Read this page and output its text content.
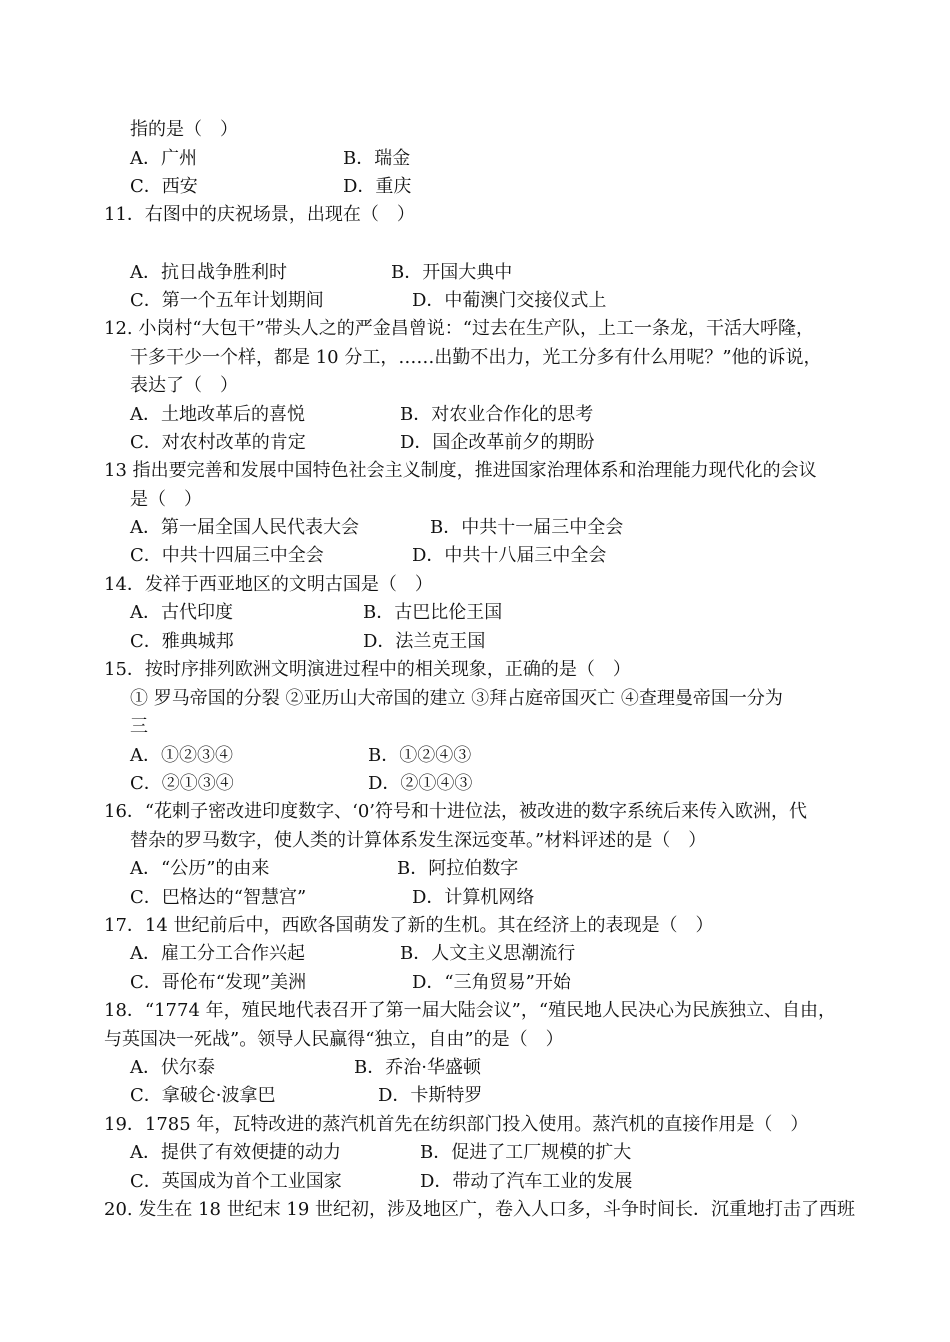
指的是（　）
A．广州	B．瑞金
C．西安	D．重庆
11．右图中的庆祝场景，出现在（　）
A．抗日战争胜利时	B．开国大典中
C．第一个五年计划期间	D．中葡澳门交接仪式上
12. 小岗村“大包干”带头人之的严金昌曾说：“过去在生产队，上工一条龙，干活大呼隆，
干多干少一个样，都是 10 分工，……出勤不出力，光工分多有什么用呢？”他的诉说，
表达了（　）
A．土地改革后的喜悦	B．对农业合作化的思考
C．对农村改革的肯定	D．国企改革前夕的期盼
13 指出要完善和发展中国特色社会主义制度，推进国家治理体系和治理能力现代化的会议
是（　）
A．第一届全国人民代表大会	B．中共十一届三中全会
C．中共十四届三中全会	D．中共十八届三中全会
14．发祥于西亚地区的文明古国是（　）
A．古代印度	B．古巴比伦王国
C．雅典城邦	D．法兰克王国
15．按时序排列欧洲文明演进过程中的相关现象，正确的是（　）
① 罗马帝国的分裂 ②亚历山大帝国的建立 ③拜占庭帝国灭亡 ④查理曼帝国一分为
三
A．①②③④	B．①②④③
C．②①③④	D．②①④③
16．“花剌子密改进印度数字、‘0’符号和十进位法，被改进的数字系统后来传入欧洲，代
替杂的罗马数字，使人类的计算体系发生深远变革。”材料评述的是（　）
A．“公历”的由来	B．阿拉伯数字
C．巴格达的“智慧宫”	D．计算机网络
17．14 世纪前后中，西欧各国萌发了新的生机。其在经济上的表现是（　）
A．雇工分工合作兴起	B．人文主义思潮流行
C．哥伦布“发现”美洲	D．“三角贸易”开始
18．“1774 年，殖民地代表召开了第一届大陆会议”，“殖民地人民决心为民族独立、自由，
与英国决一死战”。领导人民赢得“独立，自由”的是（　）
A．伏尔泰	B．乔治·华盛顿
C．拿破仑·波拿巴	D．卡斯特罗
19．1785 年，瓦特改进的蒸汽机首先在纺织部门投入使用。蒸汽机的直接作用是（　）
A．提供了有效便捷的动力	B．促进了工厂规模的扩大
C．英国成为首个工业国家	D．带动了汽车工业的发展
20. 发生在 18 世纪末 19 世纪初，涉及地区广，卷入人口多，斗争时间长．沉重地打击了西班
